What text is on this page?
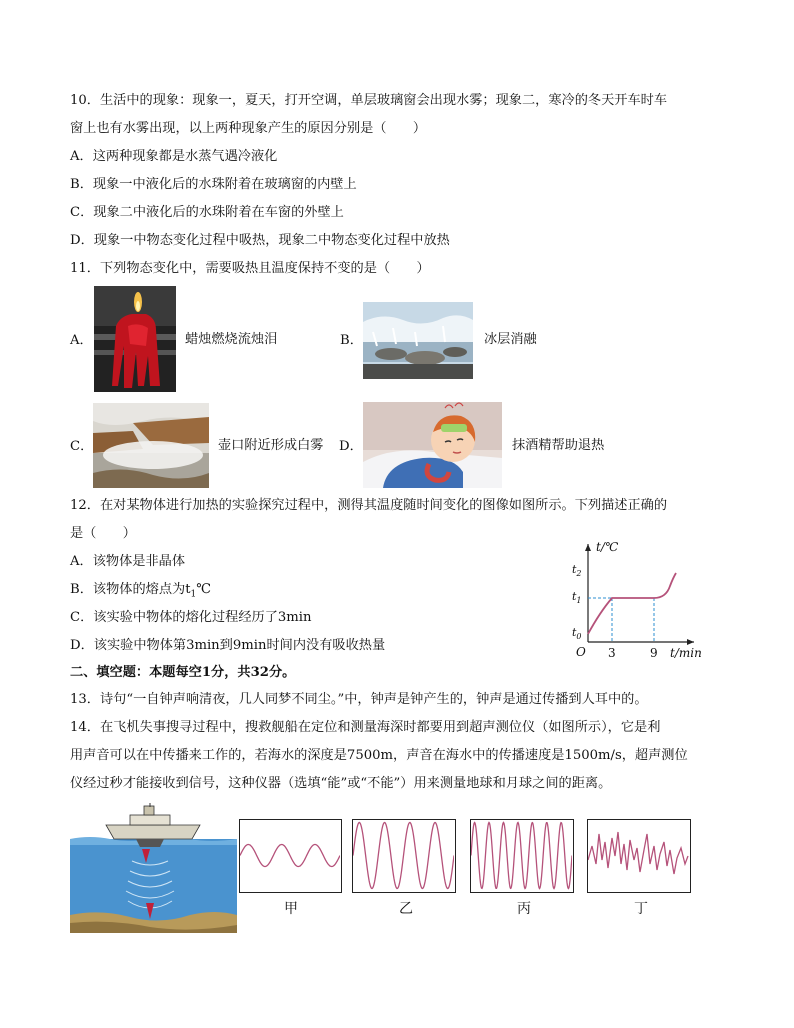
10．生活中的现象：现象一，夏天，打开空调，单层玻璃窗会出现水雾；现象二，寒冷的冬天开车时车
窗上也有水雾出现，以上两种现象产生的原因分别是（　　）
A．这两种现象都是水蒸气遇冷液化
B．现象一中液化后的水珠附着在玻璃窗的内壁上
C．现象二中液化后的水珠附着在车窗的外壁上
D．现象一中物态变化过程中吸热，现象二中物态变化过程中放热
11．下列物态变化中，需要吸热且温度保持不变的是（　　）
A．	蜡烛燃烧流烛泪	B．	冰层消融
C．	壶口附近形成白雾 D．	抹酒精帮助退热
12．在对某物体进行加热的实验探究过程中，测得其温度随时间变化的图像如图所示。下列描述正确的
是（　　）
A．该物体是非晶体
B．该物体的熔点为$t_1℃$
C．该实验中物体的熔化过程经历了3min
D．该实验中物体第3min到9min时间内没有吸收热量
t/℃
$t_2$
$t_1$
$t_0$
O 3	9 t/min
二、填空题：本题每空1分，共32分。
13．诗句“一自钟声响清夜，几人同梦不同尘。”中，钟声是钟产生的，钟声是通过传播到人耳中的。
14．在飞机失事搜寻过程中，搜救舰船在定位和测量海深时都要用到超声测位仪（如图所示），它是利
用声音可以在中传播来工作的，若海水的深度是7500m，声音在海水中的传播速度是1500m/s，超声测位
仪经过秒才能接收到信号，这种仪器（选填“能”或“不能”）用来测量地球和月球之间的距离。
甲	乙	丙	丁
